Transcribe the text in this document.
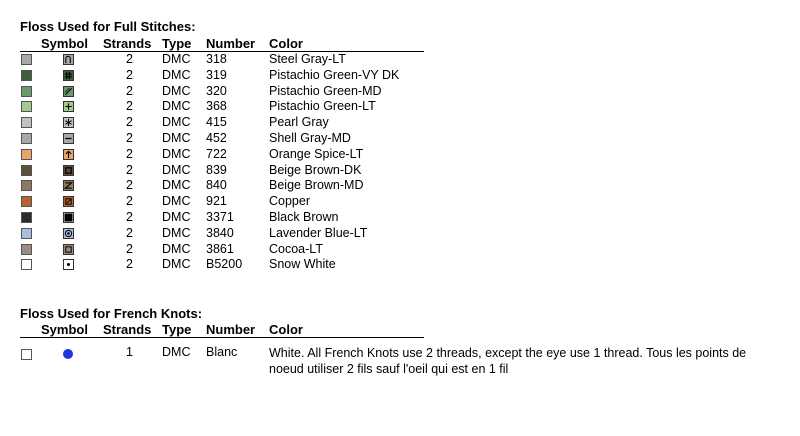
Floss Used for Full Stitches:
Symbol Strands Type Number Color
2 DMC 318	Steel Gray-LT
2 DMC 319	Pistachio Green-VY DK
2 DMC 320	Pistachio Green-MD
2 DMC 368	Pistachio Green-LT
2 DMC 415	Pearl Gray
2 DMC 452	Shell Gray-MD
2 DMC 722	Orange Spice-LT
2 DMC 839	Beige Brown-DK
2 DMC 840	Beige Brown-MD
2 DMC 921	Copper
2 DMC 3371	Black Brown
2 DMC 3840	Lavender Blue-LT
2 DMC 3861	Cocoa-LT
2 DMC B5200 Snow White
Floss Used for French Knots:
Symbol Strands Type Number Color
1 DMC Blanc	White. All French Knots use 2 threads, except the eye use 1 thread. Tous les points de noeud utiliser 2 fils sauf l'oeil qui est en 1 fil
